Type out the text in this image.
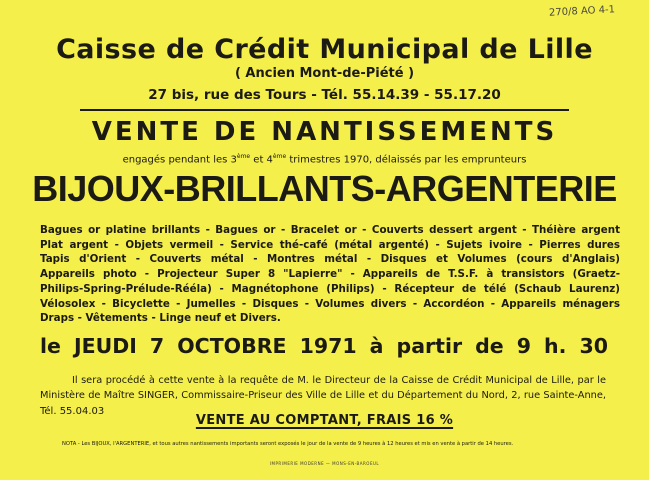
270/8 AO 4-1
Caisse de Crédit Municipal de Lille
( Ancien Mont-de-Piété )
27 bis, rue des Tours - Tél. 55.14.39 - 55.17.20
VENTE DE NANTISSEMENTS
engagés pendant les 3ème et 4ème trimestres 1970, délaissés par les emprunteurs
BIJOUX-BRILLANTS-ARGENTERIE
Bagues or platine brillants - Bagues or - Bracelet or - Couverts dessert argent - Théière argent
Plat argent - Objets vermeil - Service thé-café (métal argenté) - Sujets ivoire - Pierres dures
Tapis d'Orient - Couverts métal - Montres métal - Disques et Volumes (cours d'Anglais)
Appareils photo - Projecteur Super 8 "Lapierre" - Appareils de T.S.F. à transistors (Graetz-
Philips-Spring-Prélude-Rééla) - Magnétophone (Philips) - Récepteur de télé (Schaub Laurenz)
Vélosolex - Bicyclette - Jumelles - Disques - Volumes divers - Accordéon - Appareils ménagers
Draps - Vêtements - Linge neuf et Divers.
le JEUDI 7 OCTOBRE 1971 à partir de 9 h. 30
Il sera procédé à cette vente à la requête de M. le Directeur de la Caisse de Crédit Municipal de Lille, par le
Ministère de Maître SINGER, Commissaire-Priseur des Ville de Lille et du Département du Nord, 2, rue Sainte-Anne,
Tél. 55.04.03
VENTE AU COMPTANT, FRAIS 16 %
NOTA - Les BIJOUX, l'ARGENTERIE, et tous autres nantissements importants seront exposés le jour de la vente de 9 heures à 12 heures et mis en vente à partir de 14 heures.
IMPRIMERIE MODERNE — MONS-EN-BAROEUL
